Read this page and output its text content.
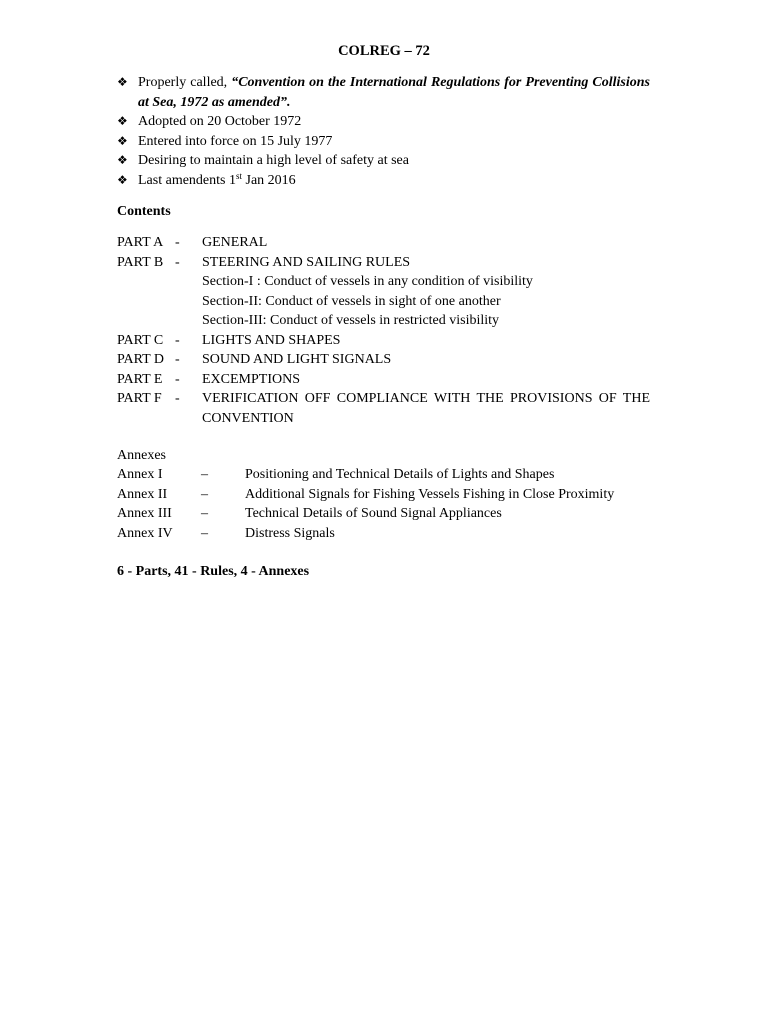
COLREG – 72
❖ Properly called, “Convention on the International Regulations for Preventing Collisions at Sea, 1972 as amended”.
❖ Adopted on 20 October 1972
❖ Entered into force on 15 July 1977
❖ Desiring to maintain a high level of safety at sea
❖ Last amendents 1st Jan 2016
Contents
PART A - GENERAL
PART B - STEERING AND SAILING RULES
Section-I : Conduct of vessels in any condition of visibility
Section-II: Conduct of vessels in sight of one another
Section-III: Conduct of vessels in restricted visibility
PART C - LIGHTS AND SHAPES
PART D - SOUND AND LIGHT SIGNALS
PART E - EXCEMPTIONS
PART F - VERIFICATION OFF COMPLIANCE WITH THE PROVISIONS OF THE CONVENTION
Annexes
Annex I	–	Positioning and Technical Details of Lights and Shapes
Annex II –	Additional Signals for Fishing Vessels Fishing in Close Proximity
Annex III –	Technical Details of Sound Signal Appliances
Annex IV –	Distress Signals
6 - Parts, 41 - Rules, 4 - Annexes
